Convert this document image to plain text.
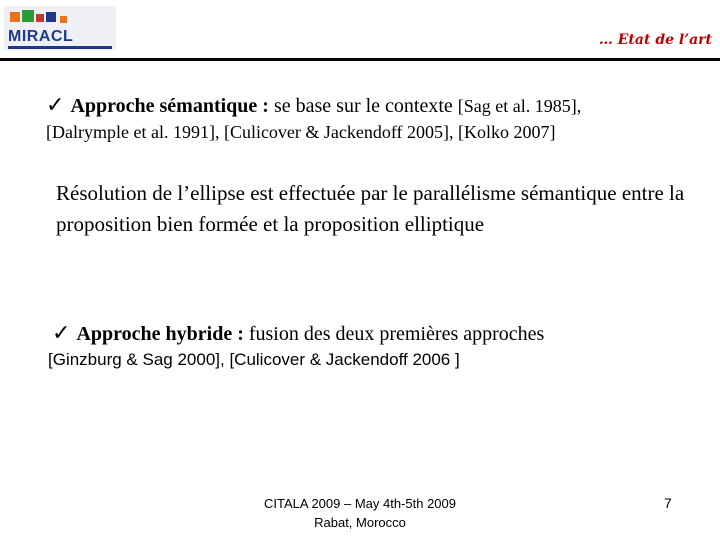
MIRACL	… Etat de l’art
✓ Approche sémantique : se base sur le contexte [Sag et al. 1985],
[Dalrymple et al. 1991], [Culicover & Jackendoff 2005], [Kolko 2007]
Résolution de l’ellipse est effectuée par le parallélisme sémantique entre la proposition bien formée et la proposition elliptique
✓ Approche hybride : fusion des deux premières approches
[Ginzburg & Sag 2000], [Culicover & Jackendoff 2006 ]
CITALA 2009 – May 4th-5th 2009
Rabat, Morocco
7
